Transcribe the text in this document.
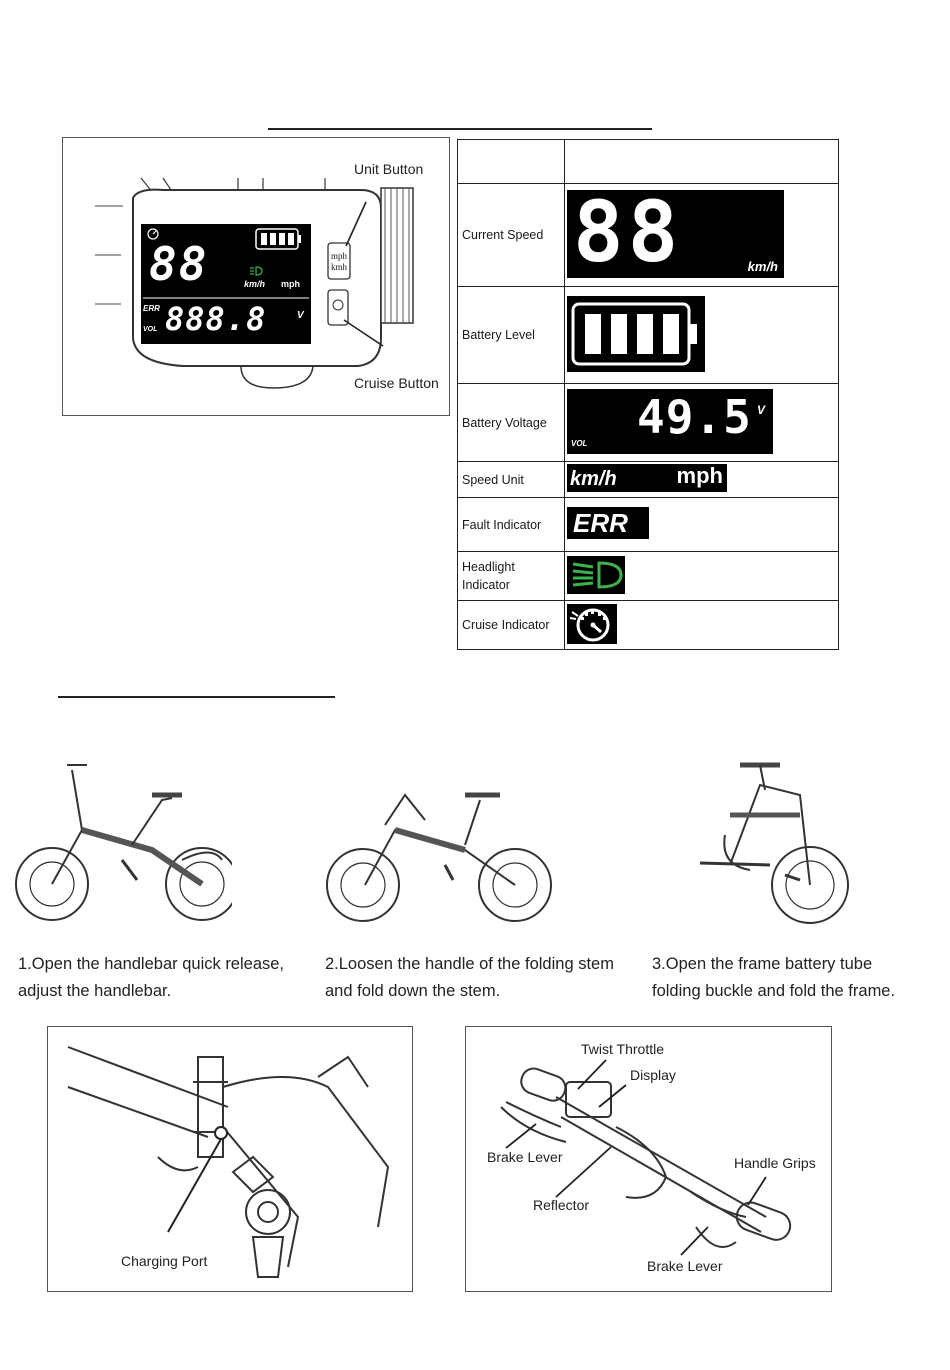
88	km/h mph
ERR
VOL 888.8	V
mph
kmh
Unit Button
Cruise Button

Current Speed	88 km/h

Battery Level	

Battery Voltage	VOL 49.5 V

Speed Unit	km/h mph

Fault Indicator	ERR

Headlight
Indicator	

Cruise Indicator	
1.Open the handlebar quick release,
adjust the handlebar.
2.Loosen the handle of the folding stem
and fold down the stem.
3.Open the frame battery tube
folding buckle and fold the frame.
Charging Port
Twist Throttle
Display
Brake Lever	Handle Grips
Reflector
Brake Lever
